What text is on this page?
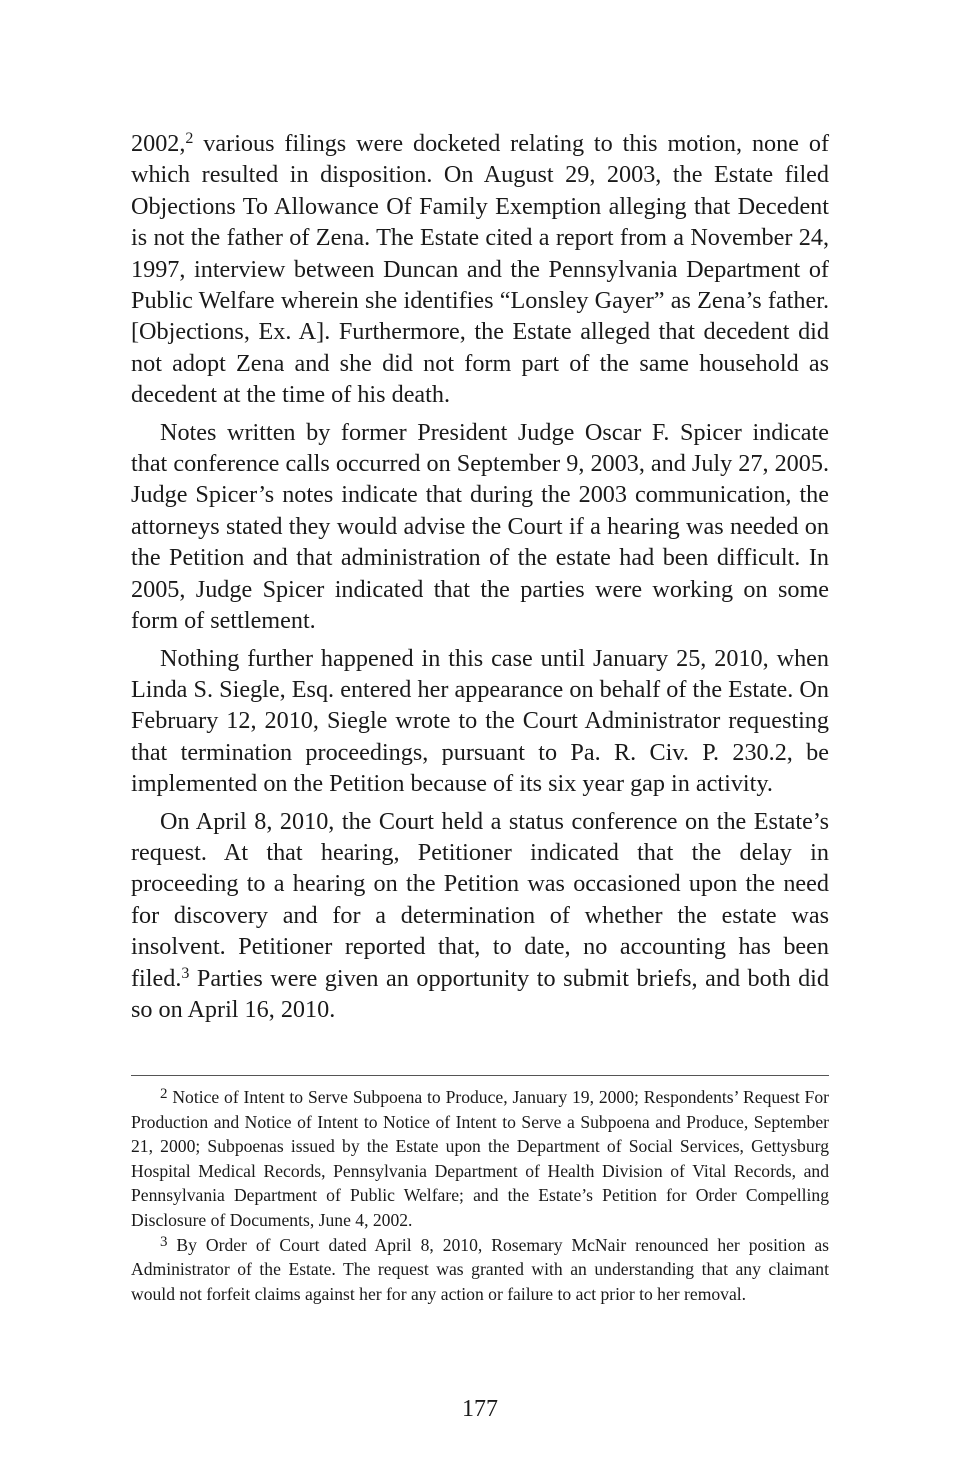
2002,$^2$ various filings were docketed relating to this motion, none of which resulted in disposition. On August 29, 2003, the Estate filed Objections To Allowance Of Family Exemption alleging that Decedent is not the father of Zena. The Estate cited a report from a November 24, 1997, interview between Duncan and the Pennsylvania Department of Public Welfare wherein she identifies “Lonsley Gayer” as Zena’s father. [Objections, Ex. A]. Furthermore, the Estate alleged that decedent did not adopt Zena and she did not form part of the same household as decedent at the time of his death.

Notes written by former President Judge Oscar F. Spicer indicate that conference calls occurred on September 9, 2003, and July 27, 2005. Judge Spicer’s notes indicate that during the 2003 communication, the attorneys stated they would advise the Court if a hearing was needed on the Petition and that administration of the estate had been difficult. In 2005, Judge Spicer indicated that the parties were working on some form of settlement.

Nothing further happened in this case until January 25, 2010, when Linda S. Siegle, Esq. entered her appearance on behalf of the Estate. On February 12, 2010, Siegle wrote to the Court Administrator requesting that termination proceedings, pursuant to Pa. R. Civ. P. 230.2, be implemented on the Petition because of its six year gap in activity.

On April 8, 2010, the Court held a status conference on the Estate’s request. At that hearing, Petitioner indicated that the delay in proceeding to a hearing on the Petition was occasioned upon the need for discovery and for a determination of whether the estate was insolvent. Petitioner reported that, to date, no accounting has been filed.$^3$ Parties were given an opportunity to submit briefs, and both did so on April 16, 2010.

$^2$ Notice of Intent to Serve Subpoena to Produce, January 19, 2000; Respondents’ Request For Production and Notice of Intent to Notice of Intent to Serve a Subpoena and Produce, September 21, 2000; Subpoenas issued by the Estate upon the Department of Social Services, Gettysburg Hospital Medical Records, Pennsylvania Department of Health Division of Vital Records, and Pennsylvania Department of Public Welfare; and the Estate’s Petition for Order Compelling Disclosure of Documents, June 4, 2002.

$^3$ By Order of Court dated April 8, 2010, Rosemary McNair renounced her position as Administrator of the Estate. The request was granted with an understanding that any claimant would not forfeit claims against her for any action or failure to act prior to her removal.

177
